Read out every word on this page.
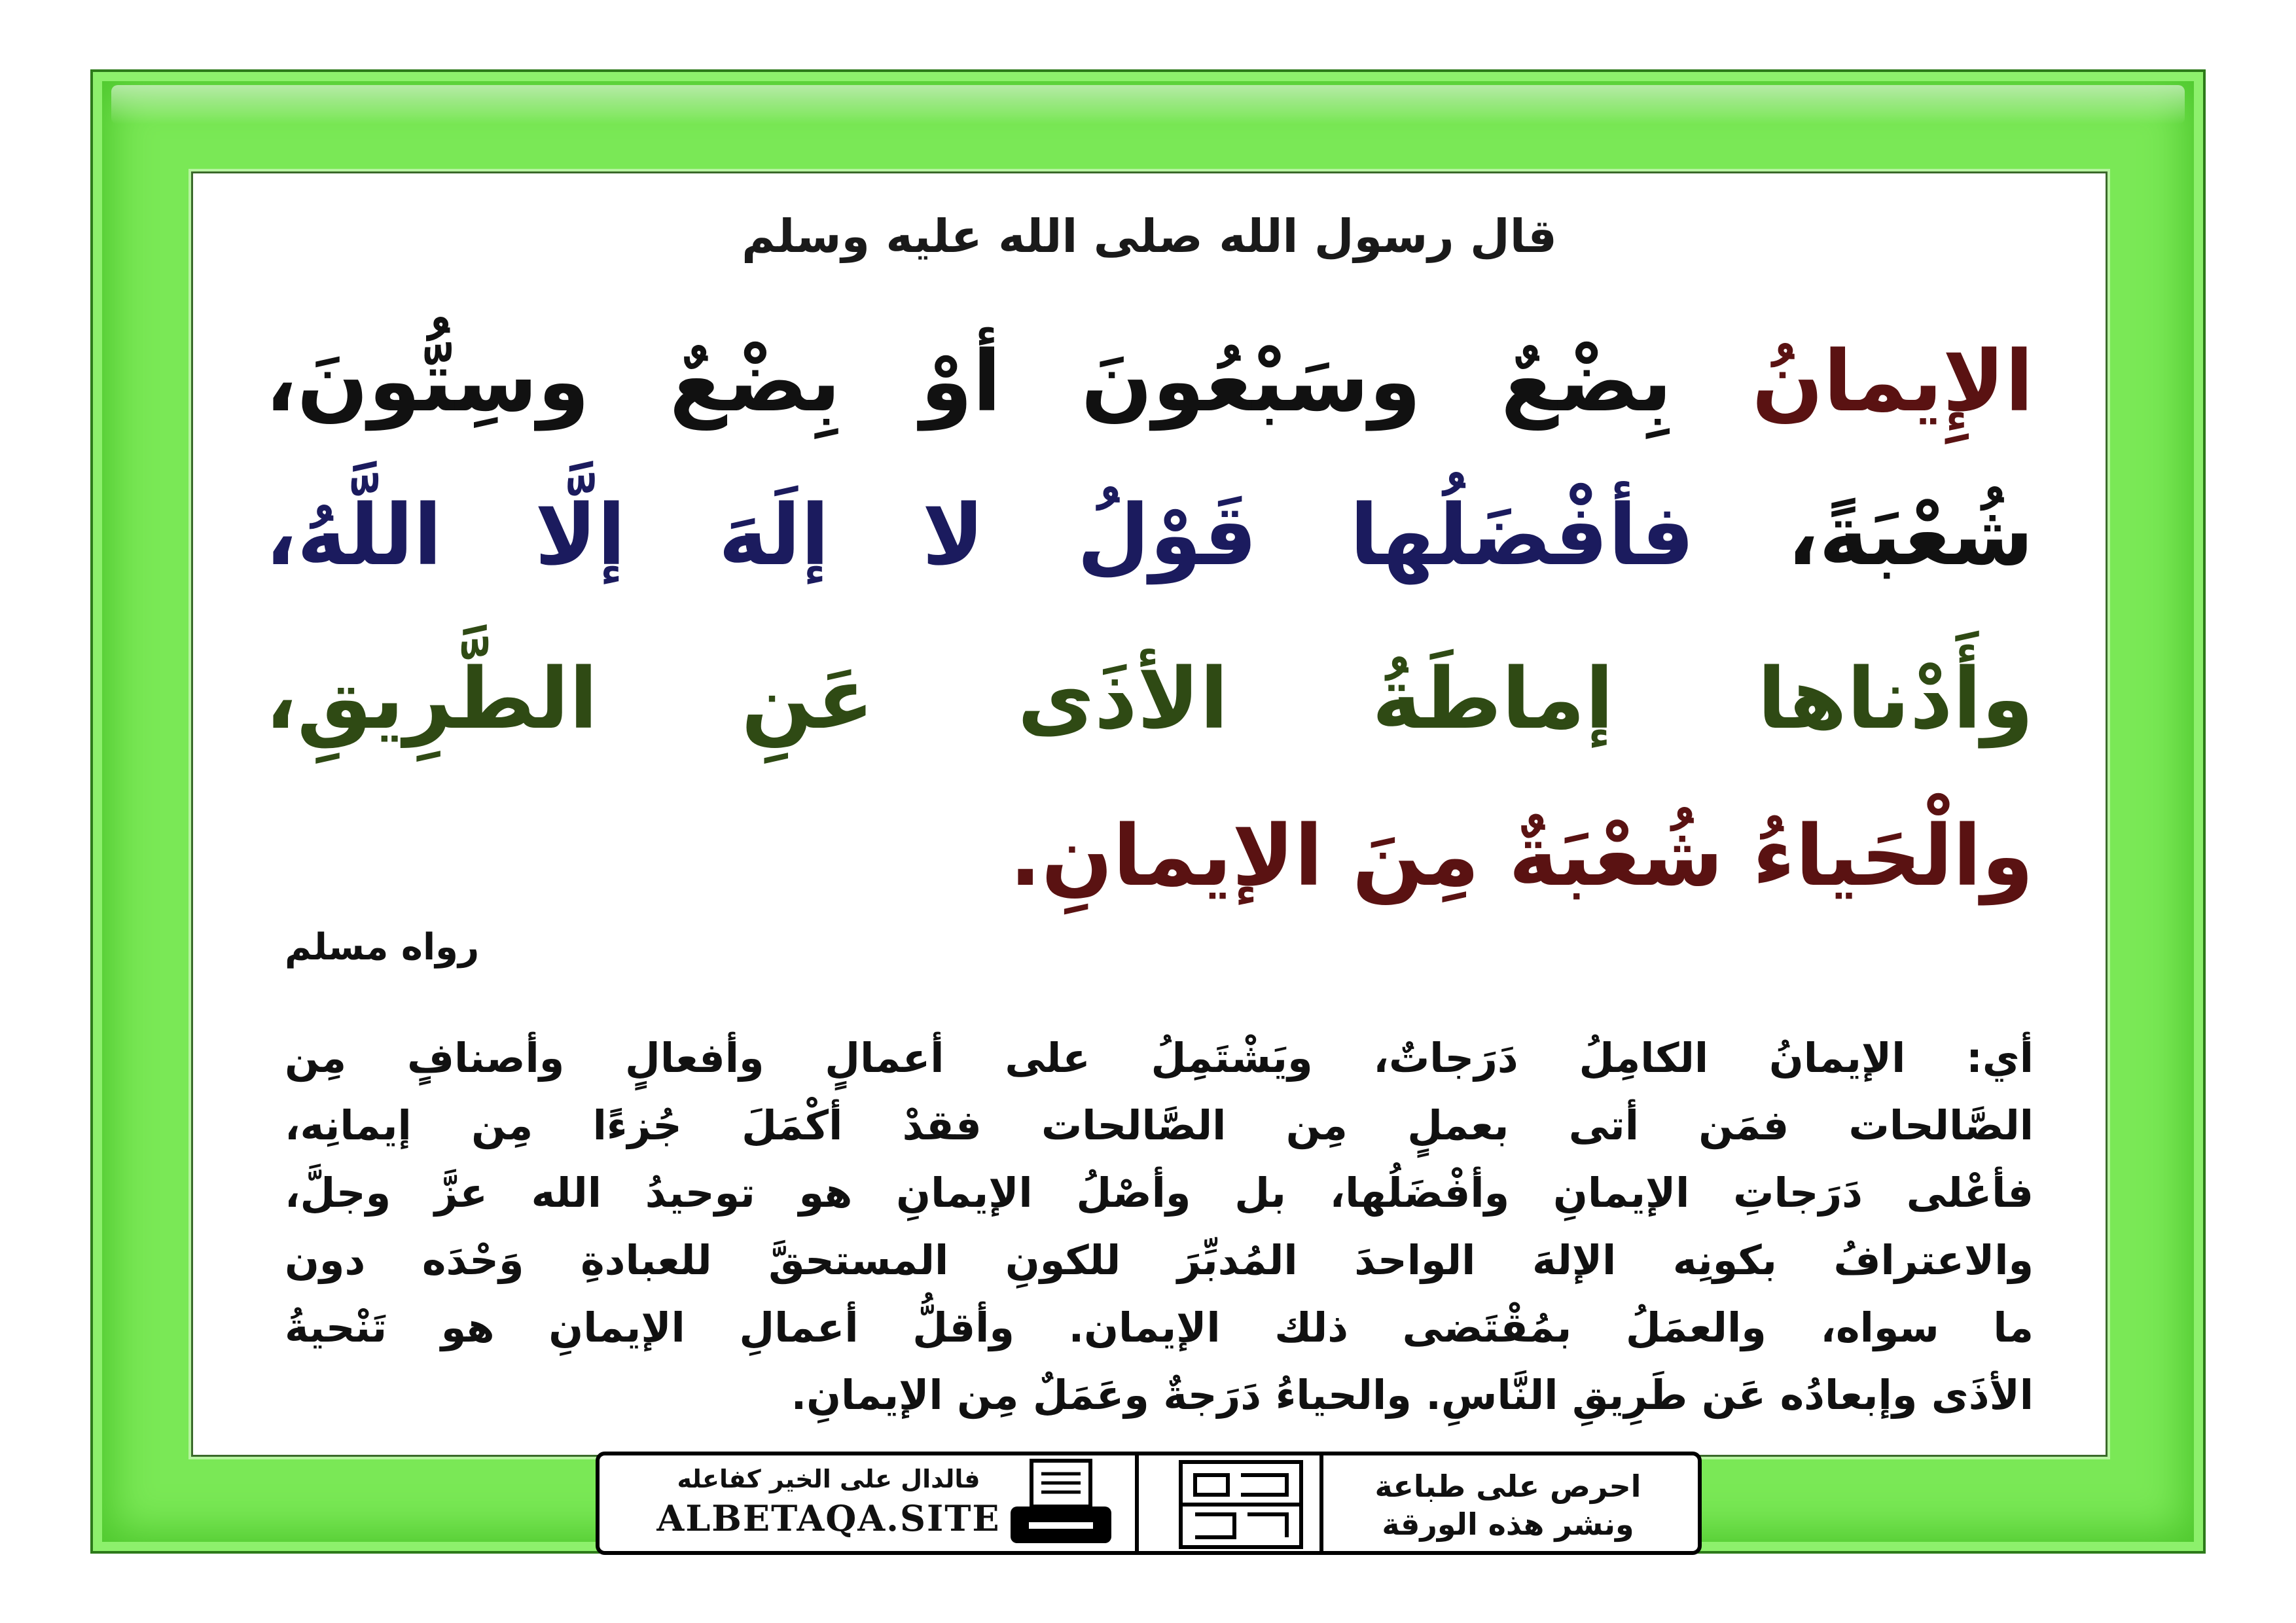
قال رسول الله صلى الله عليه وسلم
الإِيمانُ بِضْعٌ وسَبْعُونَ أوْ بِضْعٌ وسِتُّونَ،
شُعْبَةً، فأفْضَلُها قَوْلُ لا إلَهَ إلَّا اللَّهُ،
وأَدْناها إماطَةُ الأذَى عَنِ الطَّرِيقِ،
والْحَياءُ شُعْبَةٌ مِنَ الإيمانِ.
رواه مسلم
أي: الإيمانُ الكامِلُ دَرَجاتٌ، ويَشْتَمِلُ على أعمالٍ وأفعالٍ وأصنافٍ مِن
الصَّالحات فمَن أتى بعملٍ مِن الصَّالحات فقدْ أكْمَلَ جُزءًا مِن إيمانِه،
فأعْلى دَرَجاتِ الإيمانِ وأفْضَلُها، بل وأصْلُ الإيمانِ هو توحيدُ الله عزَّ وجلَّ،
والاعترافُ بكونِه الإلهَ الواحدَ المُدبِّرَ للكونِ المستحقَّ للعبادةِ وَحْدَه دون
ما سواه، والعمَلُ بمُقْتَضى ذلك الإيمان. وأقلُّ أعمالِ الإيمانِ هو تَنْحيةُ
الأذَى وإبعادُه عَن طَرِيقِ النَّاسِ. والحياءُ دَرَجةٌ وعَمَلٌ مِن الإيمانِ.
فالدال على الخير كفاعله
ALBETAQA.SITE
احرص على طباعة
ونشر هذه الورقة
